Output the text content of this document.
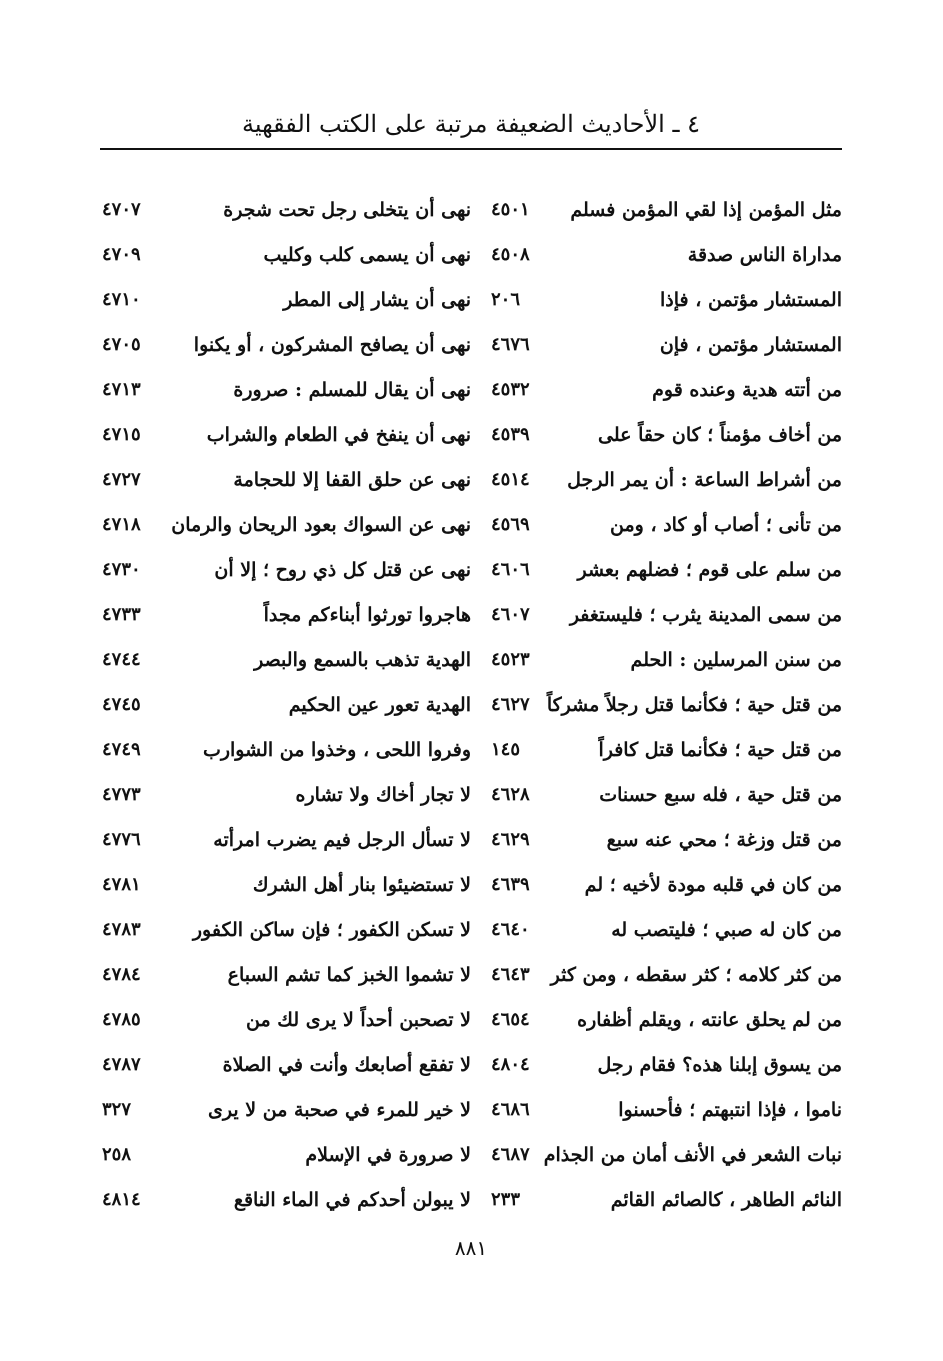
٤ ـ الأحاديث الضعيفة مرتبة على الكتب الفقهية
مثل المؤمن إذا لقي المؤمن فسلم
٤٥٠١
مداراة الناس صدقة
٤٥٠٨
المستشار مؤتمن ، فإذا
٢٠٦
المستشار مؤتمن ، فإن
٤٦٧٦
من أتته هدية وعنده قوم
٤٥٣٢
من أخاف مؤمناً ؛ كان حقاً على
٤٥٣٩
من أشراط الساعة : أن يمر الرجل
٤٥١٤
من تأنى ؛ أصاب أو كاد ، ومن
٤٥٦٩
من سلم على قوم ؛ فضلهم بعشر
٤٦٠٦
من سمى المدينة يثرب ؛ فليستغفر
٤٦٠٧
من سنن المرسلين : الحلم
٤٥٢٣
من قتل حية ؛ فكأنما قتل رجلاً مشركاً
٤٦٢٧
من قتل حية ؛ فكأنما قتل كافراً
١٤٥
من قتل حية ، فله سبع حسنات
٤٦٢٨
من قتل وزغة ؛ محي عنه سبع
٤٦٢٩
من كان في قلبه مودة لأخيه ؛ لم
٤٦٣٩
من كان له صبي ؛ فليتصب له
٤٦٤٠
من كثر كلامه ؛ كثر سقطه ، ومن كثر
٤٦٤٣
من لم يحلق عانته ، ويقلم أظفاره
٤٦٥٤
من يسوق إبلنا هذه؟ فقام رجل
٤٨٠٤
ناموا ، فإذا انتبهتم ؛ فأحسنوا
٤٦٨٦
نبات الشعر في الأنف أمان من الجذام
٤٦٨٧
النائم الطاهر ، كالصائم القائم
٢٣٣
نهى أن يتخلى رجل تحت شجرة
٤٧٠٧
نهى أن يسمى كلب وكليب
٤٧٠٩
نهى أن يشار إلى المطر
٤٧١٠
نهى أن يصافح المشركون ، أو يكنوا
٤٧٠٥
نهى أن يقال للمسلم : صرورة
٤٧١٣
نهى أن ينفخ في الطعام والشراب
٤٧١٥
نهى عن حلق القفا إلا للحجامة
٤٧٢٧
نهى عن السواك بعود الريحان والرمان
٤٧١٨
نهى عن قتل كل ذي روح ؛ إلا أن
٤٧٣٠
هاجروا تورثوا أبناءكم مجداً
٤٧٣٣
الهدية تذهب بالسمع والبصر
٤٧٤٤
الهدية تعور عين الحكيم
٤٧٤٥
وفروا اللحى ، وخذوا من الشوارب
٤٧٤٩
لا تجار أخاك ولا تشاره
٤٧٧٣
لا تسأل الرجل فيم يضرب امرأته
٤٧٧٦
لا تستضيئوا بنار أهل الشرك
٤٧٨١
لا تسكن الكفور ؛ فإن ساكن الكفور
٤٧٨٣
لا تشموا الخبز كما تشم السباع
٤٧٨٤
لا تصحبن أحداً لا يرى لك من
٤٧٨٥
لا تفقع أصابعك وأنت في الصلاة
٤٧٨٧
لا خير للمرء في صحبة من لا يرى
٣٢٧
لا صرورة في الإسلام
٢٥٨
لا يبولن أحدكم في الماء الناقع
٤٨١٤
٨٨١
